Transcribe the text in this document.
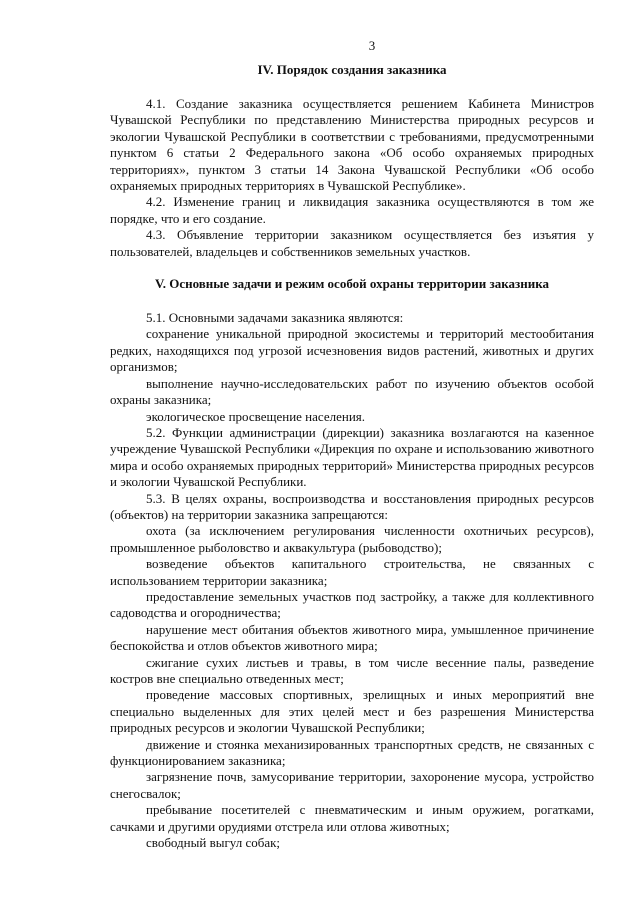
3
IV. Порядок создания заказника

4.1. Создание заказника осуществляется решением Кабинета Министров Чувашской Республики по представлению Министерства природных ресурсов и экологии Чувашской Республики в соответствии с требованиями, предусмотренными пунктом 6 статьи 2 Федерального закона «Об особо охраняемых природных территориях», пунктом 3 статьи 14 Закона Чувашской Республики «Об особо охраняемых природных территориях в Чувашской Республике».

4.2. Изменение границ и ликвидация заказника осуществляются в том же порядке, что и его создание.

4.3. Объявление территории заказником осуществляется без изъятия у пользователей, владельцев и собственников земельных участков.

V. Основные задачи и режим особой охраны территории заказника

5.1. Основными задачами заказника являются:

сохранение уникальной природной экосистемы и территорий местообитания редких, находящихся под угрозой исчезновения видов растений, животных и других организмов;

выполнение научно-исследовательских работ по изучению объектов особой охраны заказника;

экологическое просвещение населения.

5.2. Функции администрации (дирекции) заказника возлагаются на казенное учреждение Чувашской Республики «Дирекция по охране и использованию животного мира и особо охраняемых природных территорий» Министерства природных ресурсов и экологии Чувашской Республики.

5.3. В целях охраны, воспроизводства и восстановления природных ресурсов (объектов) на территории заказника запрещаются:

охота (за исключением регулирования численности охотничьих ресурсов), промышленное рыболовство и аквакультура (рыбоводство);

возведение объектов капитального строительства, не связанных с использованием территории заказника;

предоставление земельных участков под застройку, а также для коллективного садоводства и огородничества;

нарушение мест обитания объектов животного мира, умышленное причинение беспокойства и отлов объектов животного мира;

сжигание сухих листьев и травы, в том числе весенние палы, разведение костров вне специально отведенных мест;

проведение массовых спортивных, зрелищных и иных мероприятий вне специально выделенных для этих целей мест и без разрешения Министерства природных ресурсов и экологии Чувашской Республики;

движение и стоянка механизированных транспортных средств, не связанных с функционированием заказника;

загрязнение почв, замусоривание территории, захоронение мусора, устройство снегосвалок;

пребывание посетителей с пневматическим и иным оружием, рогатками, сачками и другими орудиями отстрела или отлова животных;

свободный выгул собак;
